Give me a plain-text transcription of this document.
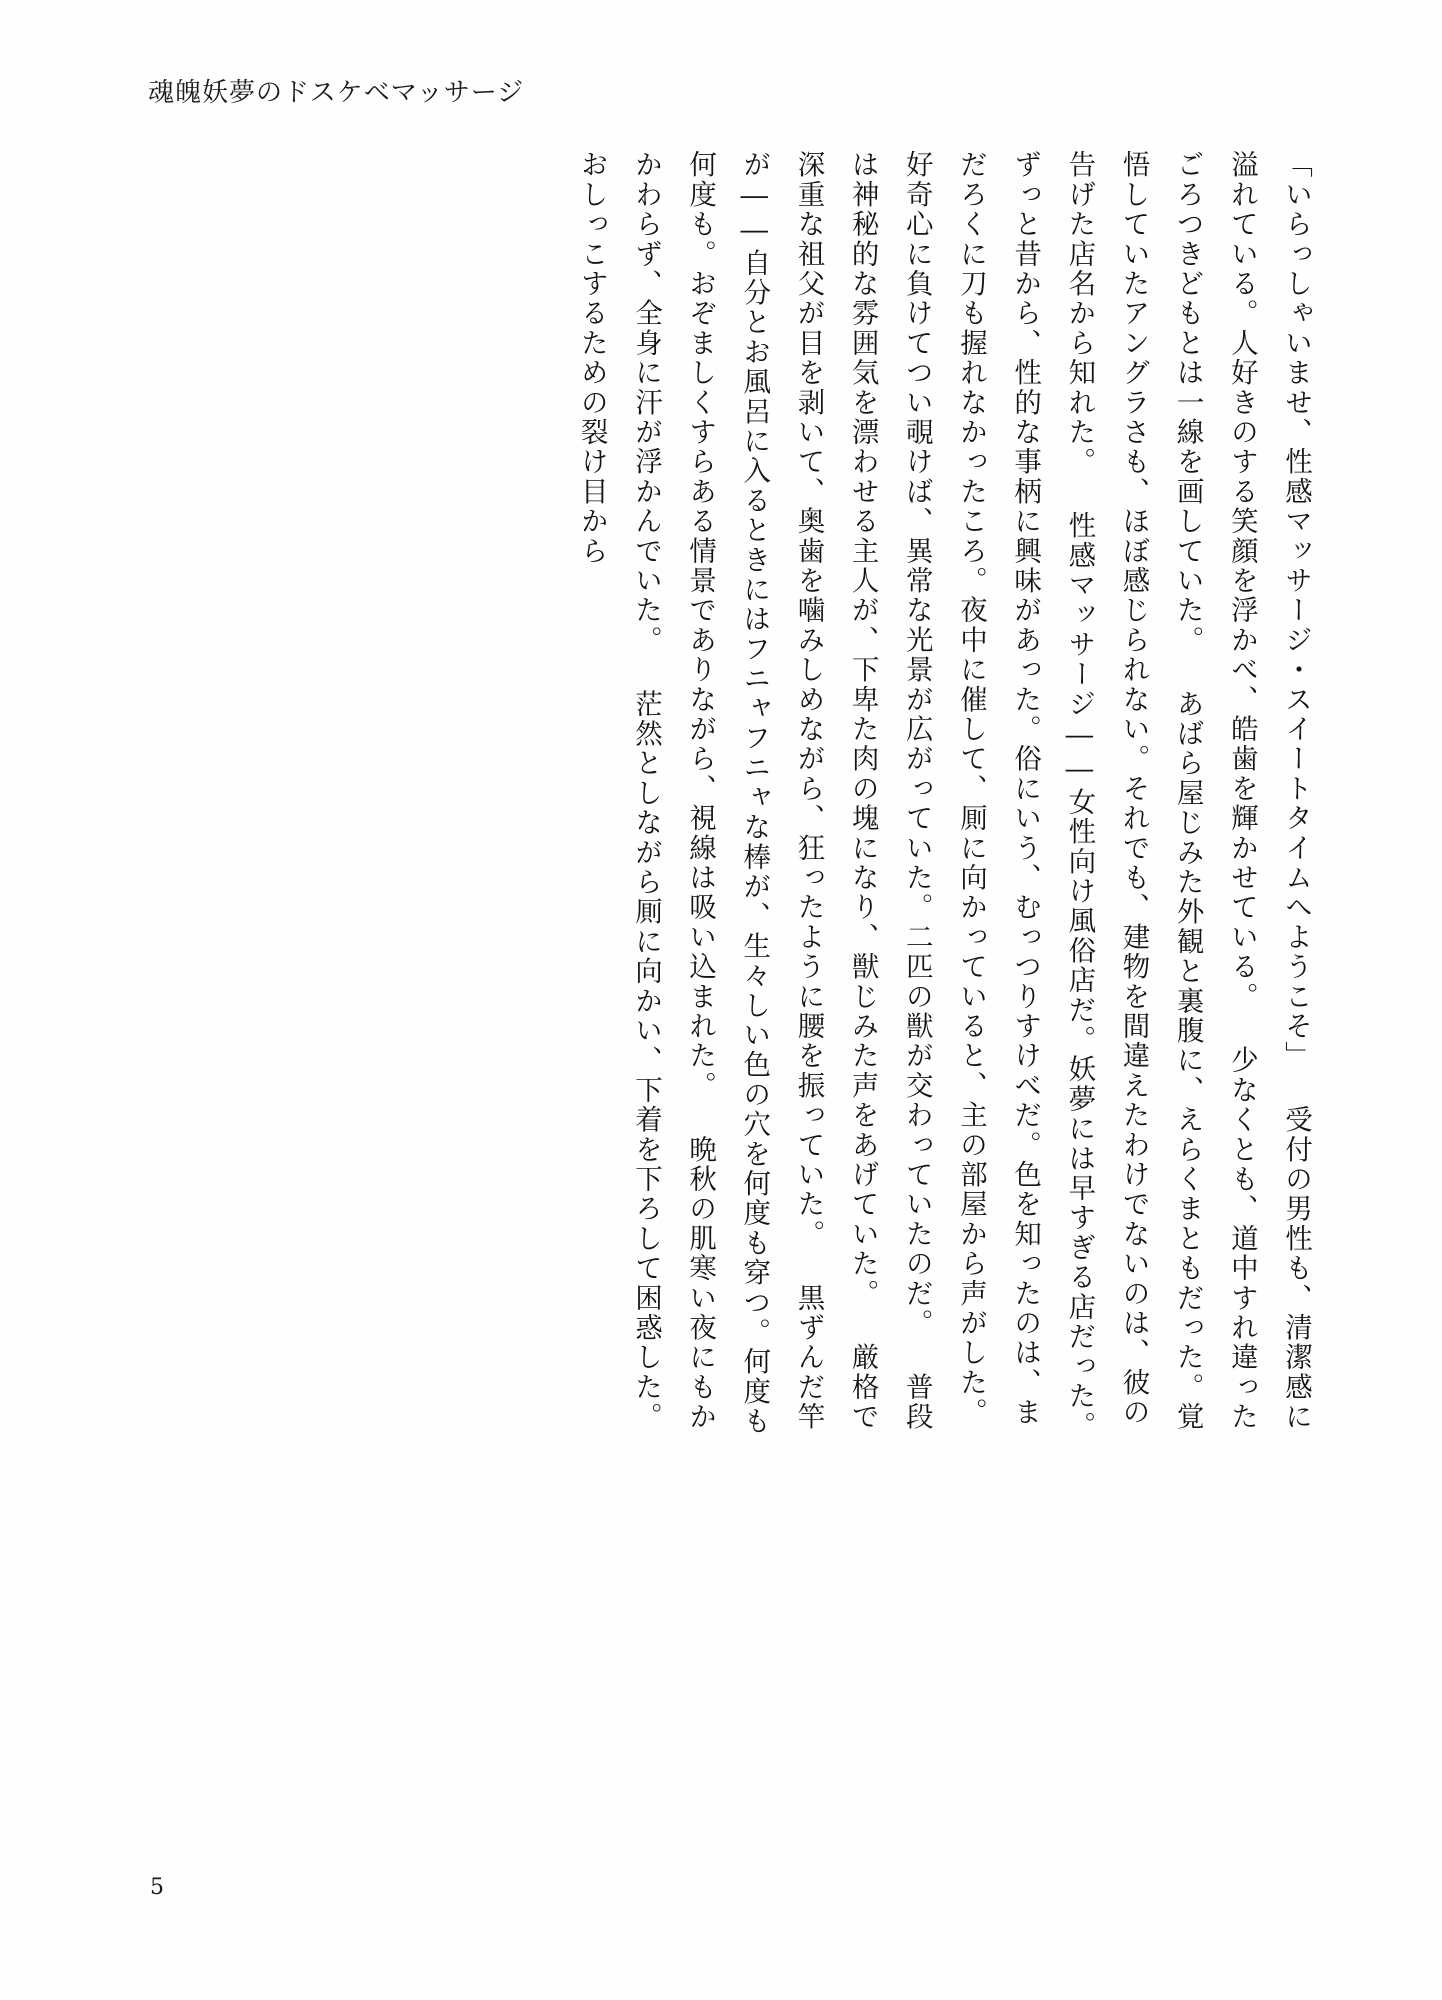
魂魄妖夢のドスケベマッサージ

「いらっしゃいませ、性感マッサージ・スイートタイムへようこそ」 受付の男性も、清潔感に溢れている。人好きのする笑顔を浮かべ、皓歯を輝かせている。 少なくとも、道中すれ違ったごろつきどもとは一線を画していた。 あばら屋じみた外観と裏腹に、えらくまともだった。覚悟していたアングラさも、ほぼ感じられない。それでも、建物を間違えたわけでないのは、彼の告げた店名から知れた。 性感マッサージ――女性向け風俗店だ。妖夢には早すぎる店だった。 ずっと昔から、性的な事柄に興味があった。俗にいう、むっつりすけべだ。色を知ったのは、まだろくに刀も握れなかったころ。夜中に催して、厠に向かっていると、主の部屋から声がした。 好奇心に負けてつい覗けば、異常な光景が広がっていた。二匹の獣が交わっていたのだ。 普段は神秘的な雰囲気を漂わせる主人が、下卑た肉の塊になり、獣じみた声をあげていた。 厳格で深重な祖父が目を剥いて、奥歯を噛みしめながら、狂ったように腰を振っていた。 黒ずんだ竿が――自分とお風呂に入るときにはフニャフニャな棒が、生々しい色の穴を何度も穿つ。何度も何度も。おぞましくすらある情景でありながら、視線は吸い込まれた。 晩秋の肌寒い夜にもかかわらず、全身に汗が浮かんでいた。 茫然としながら厠に向かい、下着を下ろして困惑した。おしっこするための裂け目から

5
